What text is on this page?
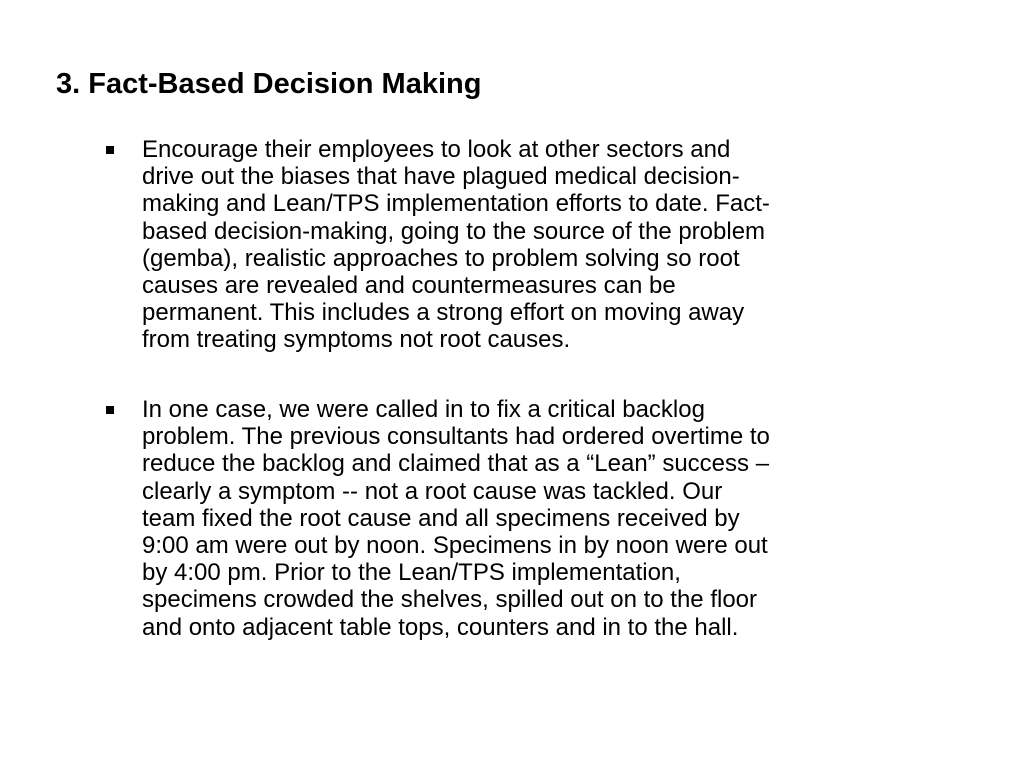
3. Fact-Based Decision Making

Encourage their employees to look at other sectors and
drive out the biases that have plagued medical decision-
making and Lean/TPS implementation efforts to date. Fact-
based decision-making, going to the source of the problem
(gemba), realistic approaches to problem solving so root
causes are revealed and countermeasures can be
permanent. This includes a strong effort on moving away
from treating symptoms not root causes.

In one case, we were called in to fix a critical backlog
problem. The previous consultants had ordered overtime to
reduce the backlog and claimed that as a “Lean” success –
clearly a symptom -- not a root cause was tackled. Our
team fixed the root cause and all specimens received by
9:00 am were out by noon. Specimens in by noon were out
by 4:00 pm. Prior to the Lean/TPS implementation,
specimens crowded the shelves, spilled out on to the floor
and onto adjacent table tops, counters and in to the hall.
